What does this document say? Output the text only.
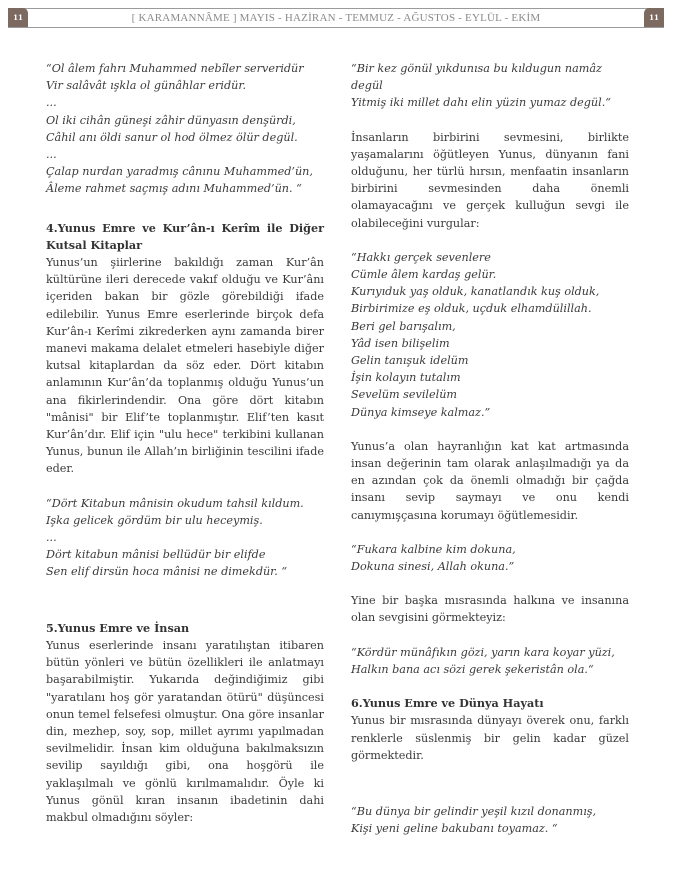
11	[ KARAMANNÂME ] MAYIS - HAZİRAN - TEMMUZ - AĞUSTOS - EYLÜL - EKİM	11
“Ol âlem fahrı Muhammed nebîler serveridür
Vir salâvât ışkla ol günâhlar eridür.
...
Ol iki cihân güneşi zâhir dünyasın denşürdi,
Câhil anı öldi sanur ol hod ölmez ölür degül.
...
Çalap nurdan yaradmış cânınu Muhammed’ün,
Âleme rahmet saçmış adını Muhammed’ün. “

4.Yunus Emre ve Kur’ân-ı Kerîm ile Diğer Kutsal Kitaplar

Yunus’un şiirlerine bakıldığı zaman Kur’ân kültürüne ileri derecede vakıf olduğu ve Kur’ânı içeriden bakan bir gözle görebildiği ifade edilebilir. Yunus Emre eserlerinde birçok defa Kur’ân-ı Kerîmi zikrederken aynı zamanda birer manevi makama delalet etmeleri hasebiyle diğer kutsal kitaplardan da söz eder. Dört kitabın anlamının Kur’ân’da toplanmış olduğu Yunus’un ana fikirlerindendir. Ona göre dört kitabın "mânisi" bir Elif’te toplanmıştır. Elif’ten kasıt Kur’ân’dır. Elif için "ulu hece" terkibini kullanan Yunus, bunun ile Allah’ın birliğinin tescilini ifade eder.

“Dört Kitabun mânisin okudum tahsil kıldum.
Işka gelicek gördüm bir ulu heceymiş.
...
Dört kitabun mânisi bellüdür bir elifde
Sen elif dirsün hoca mânisi ne dimekdür. “

5.Yunus Emre ve İnsan

Yunus eserlerinde insanı yaratılıştan itibaren bütün yönleri ve bütün özellikleri ile anlatmayı başarabilmiştir. Yukarıda değindiğimiz gibi "yaratılanı hoş gör yaratandan ötürü" düşüncesi onun temel felsefesi olmuştur. Ona göre insanlar din, mezhep, soy, sop, millet ayrımı yapılmadan sevilmelidir. İnsan kim olduğuna bakılmaksızın sevilip sayıldığı gibi, ona hoşgörü ile yaklaşılmalı ve gönlü kırılmamalıdır. Öyle ki Yunus gönül kıran insanın ibadetinin dahi makbul olmadığını söyler:

“Bir kez gönül yıkdunısa bu kıldugun namâz degül
Yitmiş iki millet dahı elin yüzin yumaz degül.“

İnsanların birbirini sevmesini, birlikte yaşamalarını öğütleyen Yunus, dünyanın fani olduğunu, her türlü hırsın, menfaatin insanların birbirini sevmesinden daha önemli olamayacağını ve gerçek kulluğun sevgi ile olabileceğini vurgular:

“Hakkı gerçek sevenlere
Cümle âlem kardaş gelür.
Kurıyıduk yaş olduk, kanatlandık kuş olduk,
Birbirimize eş olduk, uçduk elhamdülillah.
Beri gel barışalım,
Yâd isen bilişelim
Gelin tanışuk idelüm
İşin kolayın tutalım
Sevelüm sevilelüm
Dünya kimseye kalmaz.”

Yunus’a olan hayranlığın kat kat artmasında insan değerinin tam olarak anlaşılmadığı ya da en azından çok da önemli olmadığı bir çağda insanı sevip saymayı ve onu kendi canıymışçasına korumayı öğütlemesidir.

“Fukara kalbine kim dokuna,
Dokuna sinesi, Allah okuna.”

Yine bir başka mısrasında halkına ve insanına olan sevgisini görmekteyiz:

“Kördür münâfıkın gözi, yarın kara koyar yüzi,
Halkın bana acı sözi gerek şekeristân ola.“

6.Yunus Emre ve Dünya Hayatı

Yunus bir mısrasında dünyayı överek onu, farklı renklerle süslenmiş bir gelin kadar güzel görmektedir.

“Bu dünya bir gelindir yeşil kızıl donanmış,
Kişi yeni geline bakubanı toyamaz. “
